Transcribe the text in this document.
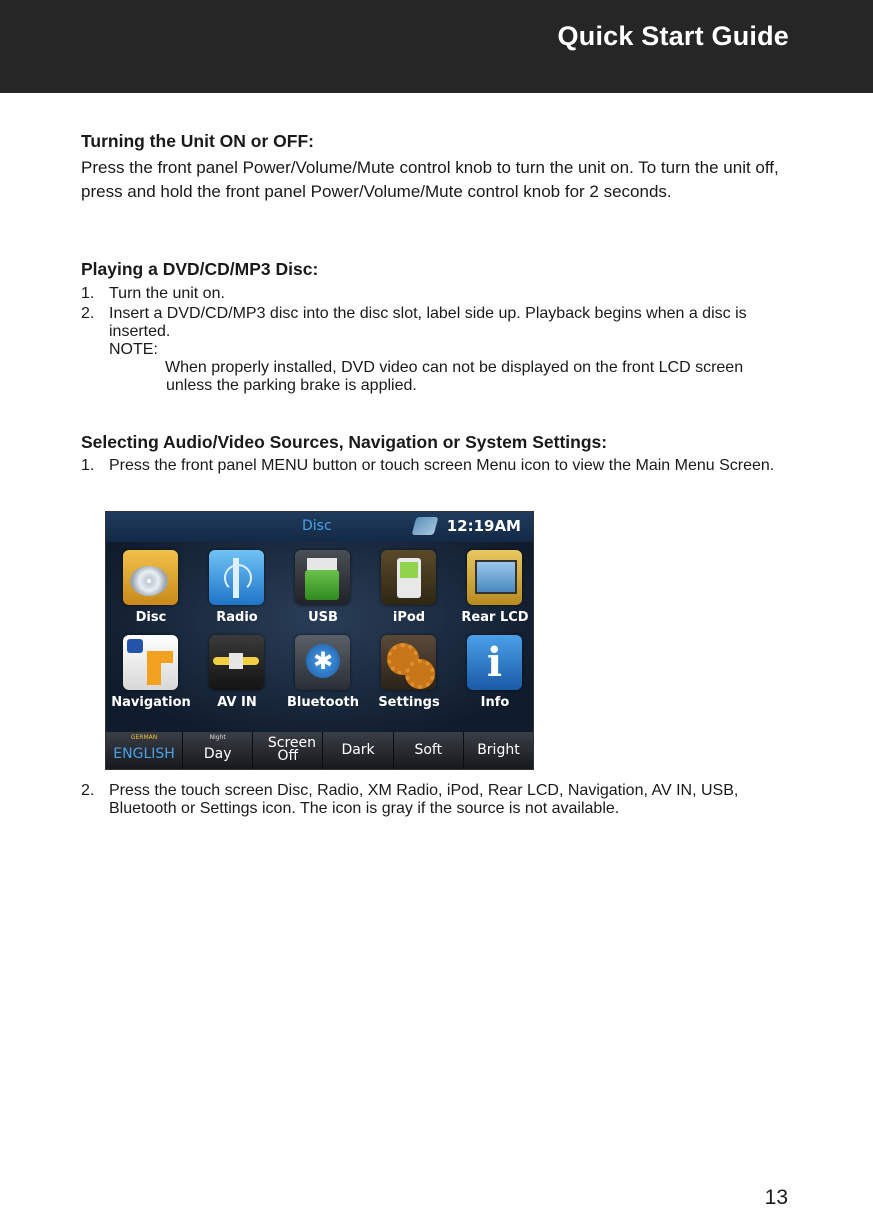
Quick Start Guide
Turning the Unit ON or OFF:

Press the front panel Power/Volume/Mute control knob to turn the unit on. To turn the unit off, press and hold the front panel Power/Volume/Mute control knob for 2 seconds.

Playing a DVD/CD/MP3 Disc:
1. Turn the unit on.
2. Insert a DVD/CD/MP3 disc into the disc slot, label side up. Playback begins when a disc is inserted.
NOTE:
When properly installed, DVD video can not be displayed on the front LCD screen unless the parking brake is applied.
Selecting Audio/Video Sources, Navigation or System Settings:
1. Press the front panel MENU button or touch screen Menu icon to view the Main Menu Screen.
Disc	12:19AM
Disc	Radio	USB	iPod	Rear LCD
Navigation	AV IN
✱
Bluetooth	Settings
i
Info
GERMAN
ENGLISH
Night
Day
Screen Off	Dark	Soft	Bright
2. Press the touch screen Disc, Radio, XM Radio, iPod, Rear LCD, Navigation, AV IN, USB, Bluetooth or Settings icon. The icon is gray if the source is not available.
13
